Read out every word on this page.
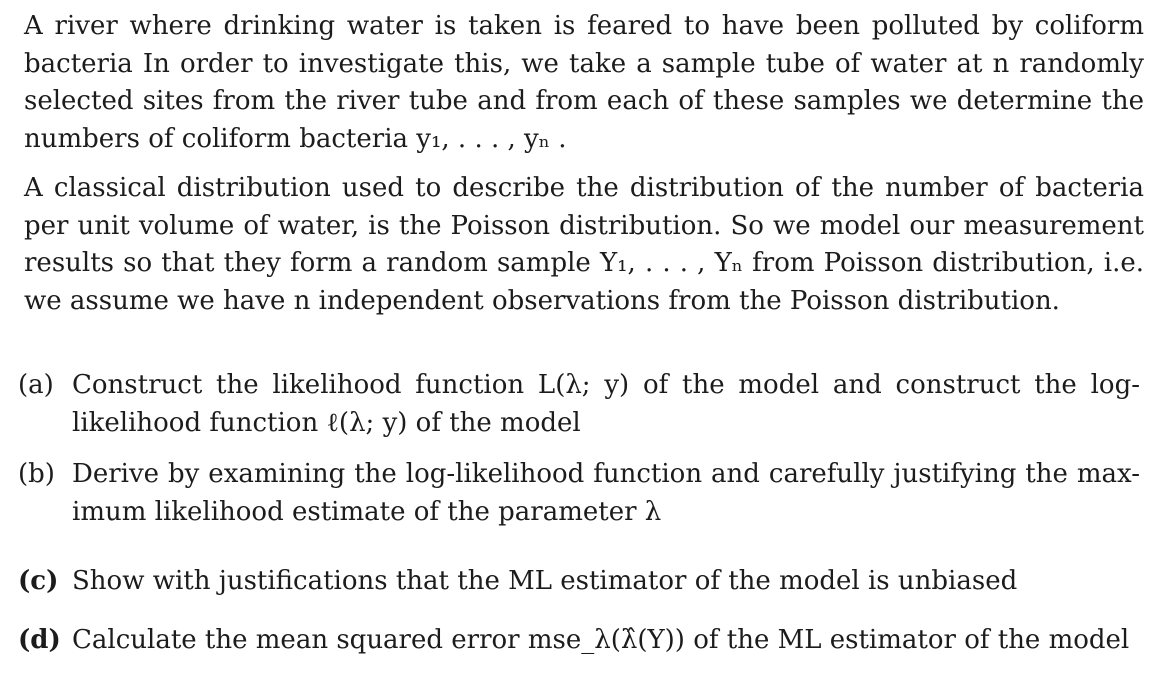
A river where drinking water is taken is feared to have been polluted by coliform
bacteria In order to investigate this, we take a sample tube of water at n randomly
selected sites from the river tube and from each of these samples we determine the
numbers of coliform bacteria y₁, . . . , yₙ .

A classical distribution used to describe the distribution of the number of bacteria
per unit volume of water, is the Poisson distribution. So we model our measurement
results so that they form a random sample Y₁, . . . , Yₙ from Poisson distribution, i.e.
we assume we have n independent observations from the Poisson distribution.

(a) Construct the likelihood function L(λ; y) of the model and construct the log-
likelihood function ℓ(λ; y) of the model
(b) Derive by examining the log-likelihood function and carefully justifying the max-
imum likelihood estimate of the parameter λ
(c) Show with justifications that the ML estimator of the model is unbiased
(d) Calculate the mean squared error mse_λ(λ̂(Y)) of the ML estimator of the model
